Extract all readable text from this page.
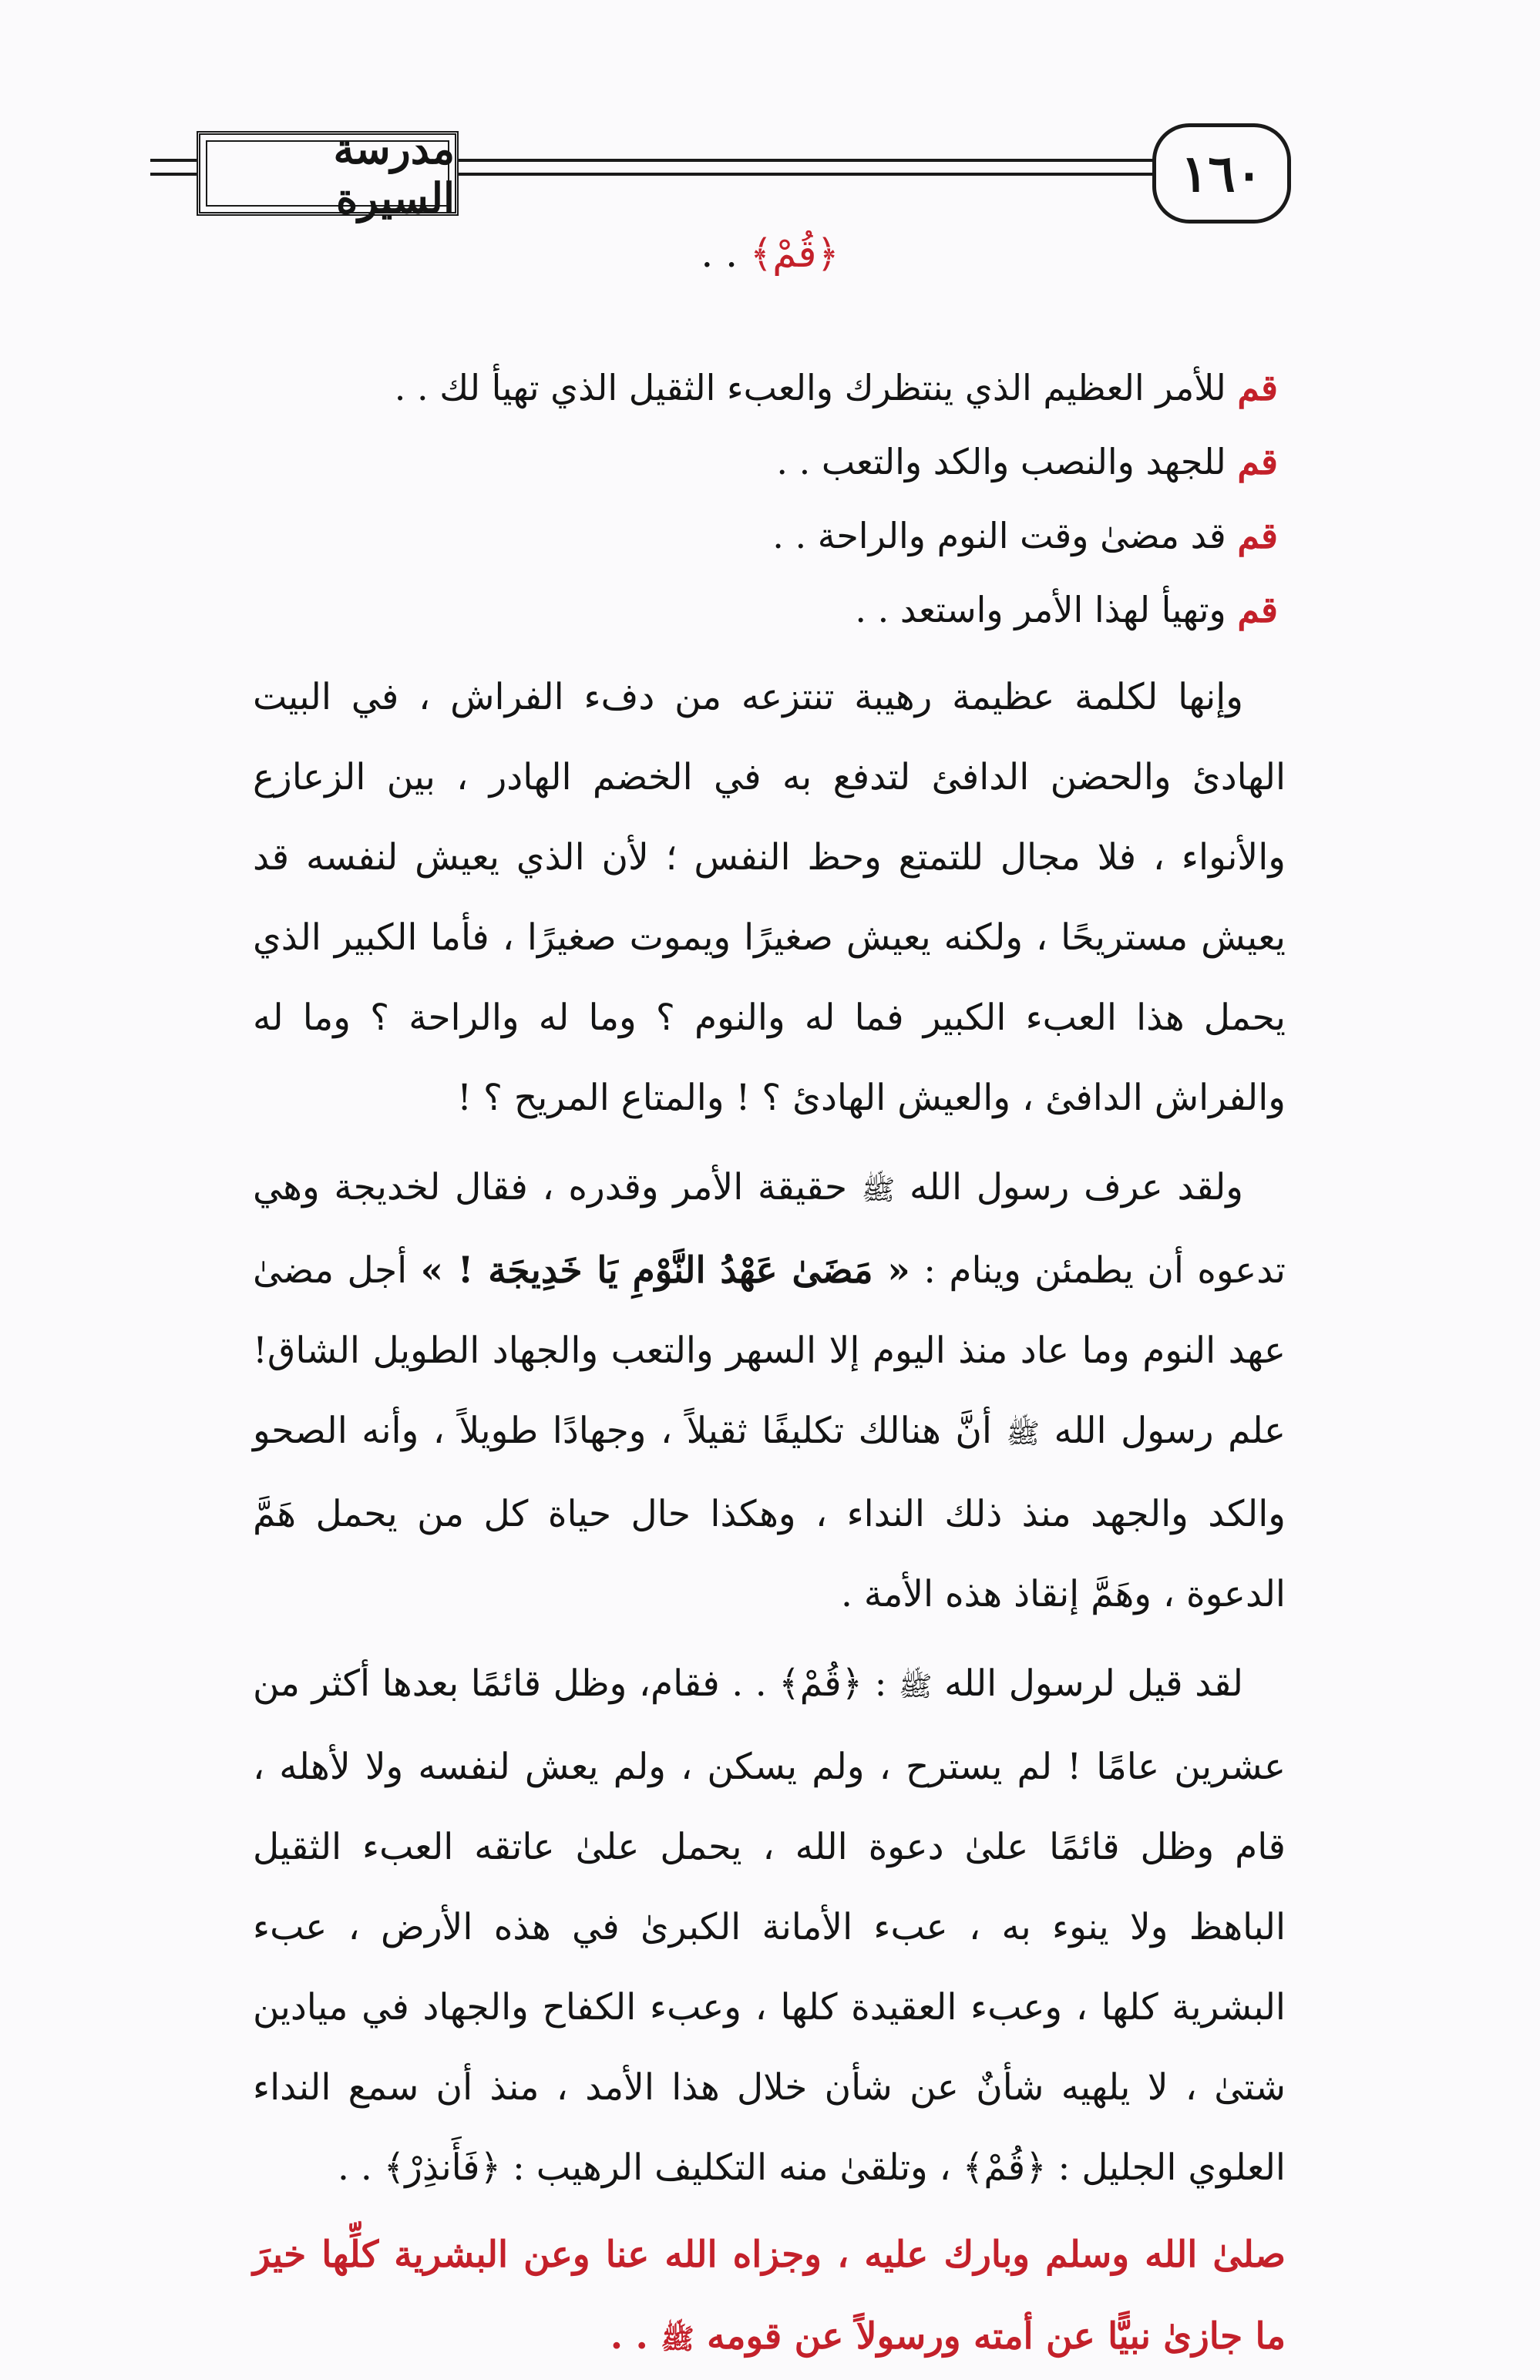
١٦٠
مدرسة السيرة
﴿قُمْ﴾ . .

قم للأمر العظيم الذي ينتظرك والعبء الثقيل الذي تهيأ لك . .

قم للجهد والنصب والكد والتعب . .

قم قد مضىٰ وقت النوم والراحة . .

قم وتهيأ لهذا الأمر واستعد . .

وإنها لكلمة عظيمة رهيبة تنتزعه من دفء الفراش ، في البيت الهادئ والحضن الدافئ لتدفع به في الخضم الهادر ، بين الزعازع والأنواء ، فلا مجال للتمتع وحظ النفس ؛ لأن الذي يعيش لنفسه قد يعيش مستريحًا ، ولكنه يعيش صغيرًا ويموت صغيرًا ، فأما الكبير الذي يحمل هذا العبء الكبير فما له والنوم ؟ وما له والراحة ؟ وما له والفراش الدافئ ، والعيش الهادئ ؟ ! والمتاع المريح ؟ !

ولقد عرف رسول الله ﷺ حقيقة الأمر وقدره ، فقال لخديجة وهي تدعوه أن يطمئن وينام : « مَضَىٰ عَهْدُ النَّوْمِ يَا خَدِيجَة ! » أجل مضىٰ عهد النوم وما عاد منذ اليوم إلا السهر والتعب والجهاد الطويل الشاق! علم رسول الله ﷺ أنَّ هنالك تكليفًا ثقيلاً ، وجهادًا طويلاً ، وأنه الصحو والكد والجهد منذ ذلك النداء ، وهكذا حال حياة كل من يحمل هَمَّ الدعوة ، وهَمَّ إنقاذ هذه الأمة .

لقد قيل لرسول الله ﷺ : ﴿قُمْ﴾ . . فقام، وظل قائمًا بعدها أكثر من عشرين عامًا ! لم يسترح ، ولم يسكن ، ولم يعش لنفسه ولا لأهله ، قام وظل قائمًا علىٰ دعوة الله ، يحمل علىٰ عاتقه العبء الثقيل الباهظ ولا ينوء به ، عبء الأمانة الكبرىٰ في هذه الأرض ، عبء البشرية كلها ، وعبء العقيدة كلها ، وعبء الكفاح والجهاد في ميادين شتىٰ ، لا يلهيه شأنٌ عن شأن خلال هذا الأمد ، منذ أن سمع النداء العلوي الجليل : ﴿قُمْ﴾ ، وتلقىٰ منه التكليف الرهيب : ﴿فَأَنذِرْ﴾ . .

صلىٰ الله وسلم وبارك عليه ، وجزاه الله عنا وعن البشرية كلِّها خيرَ ما جازىٰ نبيًّا عن أمته ورسولاً عن قومه ﷺ . .
